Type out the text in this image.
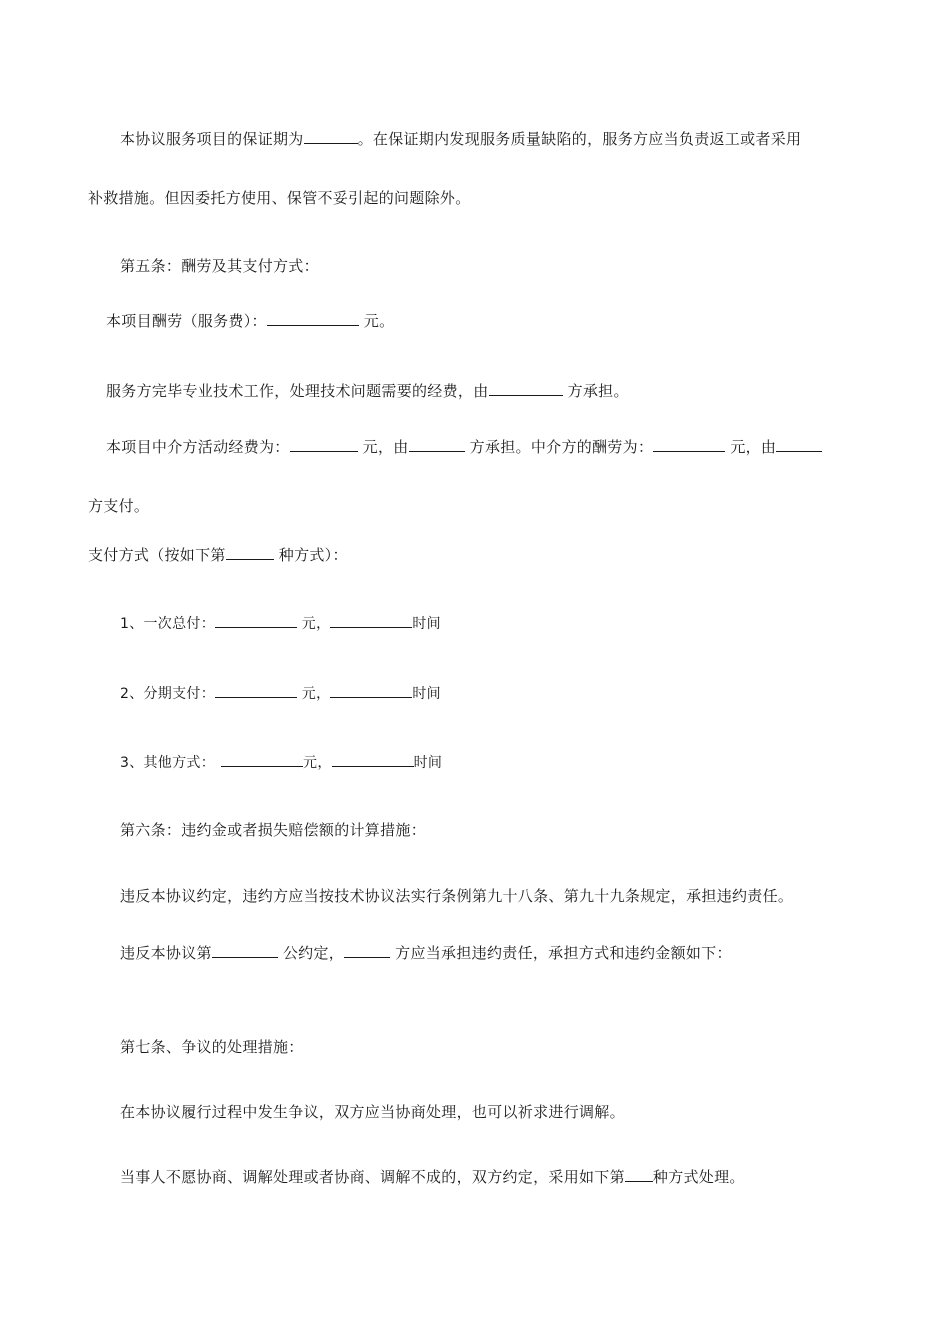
本协议服务项目的保证期为	。在保证期内发现服务质量缺陷的，服务方应当负责返工或者采用
补救措施。但因委托方使用、保管不妥引起的问题除外。
第五条：酬劳及其支付方式：
本项目酬劳（服务费）：	元。
服务方完毕专业技术工作，处理技术问题需要的经费，由	方承担。
本项目中介方活动经费为：	元，由	方承担。中介方的酬劳为：	元，由
方支付。
支付方式（按如下第	种方式）：
1、一次总付：	元，	时间
2、分期支付：	元，	时间
3、其他方式：	元，	时间
第六条：违约金或者损失赔偿额的计算措施：
违反本协议约定，违约方应当按技术协议法实行条例第九十八条、第九十九条规定，承担违约责任。
违反本协议第	公约定，	方应当承担违约责任，承担方式和违约金额如下：
第七条、争议的处理措施：
在本协议履行过程中发生争议，双方应当协商处理，也可以祈求进行调解。
当事人不愿协商、调解处理或者协商、调解不成的，双方约定，采用如下第 种方式处理。
